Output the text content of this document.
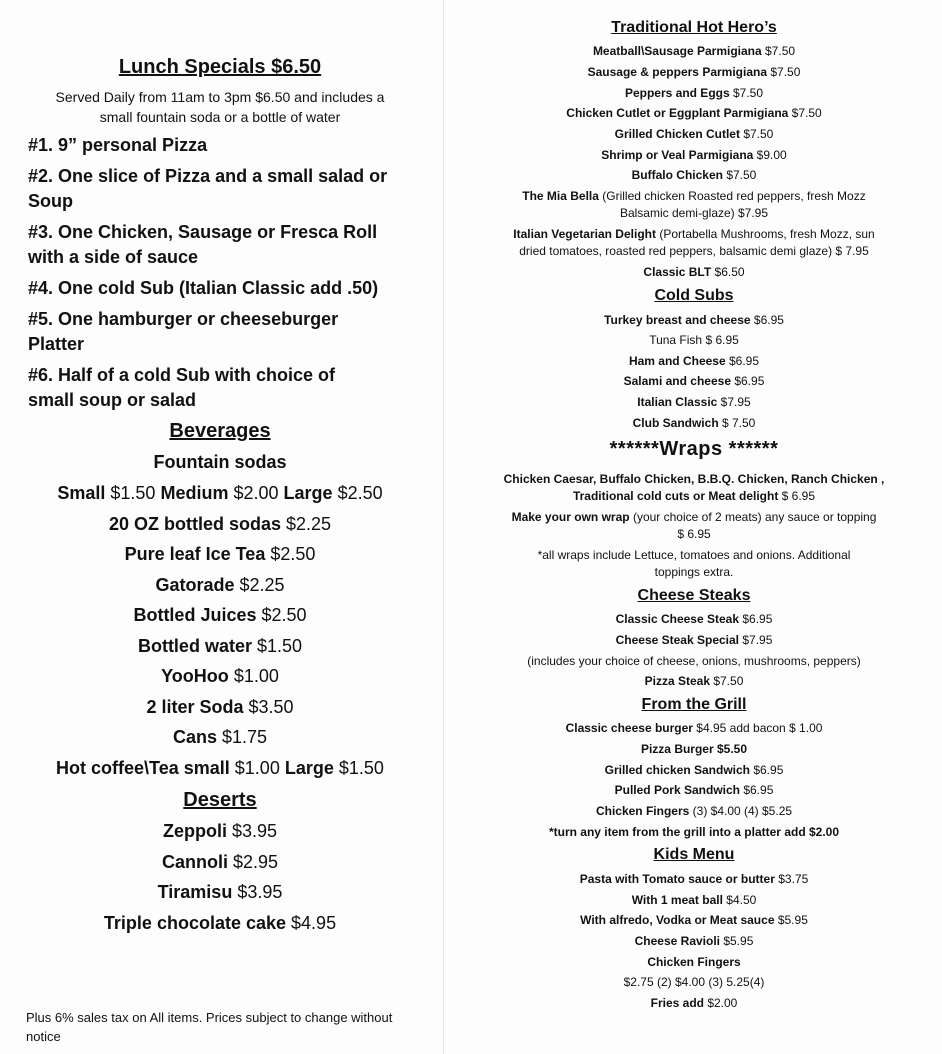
Lunch Specials $6.50
Served Daily from 11am to 3pm $6.50 and includes a
small fountain soda or a bottle of water
#1. 9” personal Pizza
#2. One slice of Pizza and a small salad or
Soup
#3. One Chicken, Sausage or Fresca Roll
with a side of sauce
#4. One cold Sub (Italian Classic add .50)
#5. One hamburger or cheeseburger
Platter
#6. Half of a cold Sub with choice of
small soup or salad
Beverages
Fountain sodas
Small $1.50 Medium $2.00 Large $2.50
20 OZ bottled sodas $2.25
Pure leaf Ice Tea $2.50
Gatorade $2.25
Bottled Juices $2.50
Bottled water $1.50
YooHoo $1.00
2 liter Soda $3.50
Cans $1.75
Hot coffee\Tea small $1.00 Large $1.50
Deserts
Zeppoli $3.95
Cannoli $2.95
Tiramisu $3.95
Triple chocolate cake $4.95
Plus 6% sales tax on All items. Prices subject to change without
notice
Traditional Hot Hero’s
Meatball\Sausage Parmigiana $7.50
Sausage & peppers Parmigiana $7.50
Peppers and Eggs $7.50
Chicken Cutlet or Eggplant Parmigiana $7.50
Grilled Chicken Cutlet $7.50
Shrimp or Veal Parmigiana $9.00
Buffalo Chicken $7.50
The Mia Bella (Grilled chicken Roasted red peppers, fresh Mozz
Balsamic demi-glaze) $7.95
Italian Vegetarian Delight (Portabella Mushrooms, fresh Mozz, sun
dried tomatoes, roasted red peppers, balsamic demi glaze) $ 7.95
Classic BLT $6.50
Cold Subs
Turkey breast and cheese $6.95
Tuna Fish $ 6.95
Ham and Cheese $6.95
Salami and cheese $6.95
Italian Classic $7.95
Club Sandwich $ 7.50
******Wraps ******
Chicken Caesar, Buffalo Chicken, B.B.Q. Chicken, Ranch Chicken ,
Traditional cold cuts or Meat delight $ 6.95
Make your own wrap (your choice of 2 meats) any sauce or topping
$ 6.95
*all wraps include Lettuce, tomatoes and onions. Additional
toppings extra.
Cheese Steaks
Classic Cheese Steak $6.95
Cheese Steak Special $7.95
(includes your choice of cheese, onions, mushrooms, peppers)
Pizza Steak $7.50
From the Grill
Classic cheese burger $4.95 add bacon $ 1.00
Pizza Burger $5.50
Grilled chicken Sandwich $6.95
Pulled Pork Sandwich $6.95
Chicken Fingers (3) $4.00 (4) $5.25
*turn any item from the grill into a platter add $2.00
Kids Menu
Pasta with Tomato sauce or butter $3.75
With 1 meat ball $4.50
With alfredo, Vodka or Meat sauce $5.95
Cheese Ravioli $5.95
Chicken Fingers
$2.75 (2) $4.00 (3) 5.25(4)
Fries add $2.00
